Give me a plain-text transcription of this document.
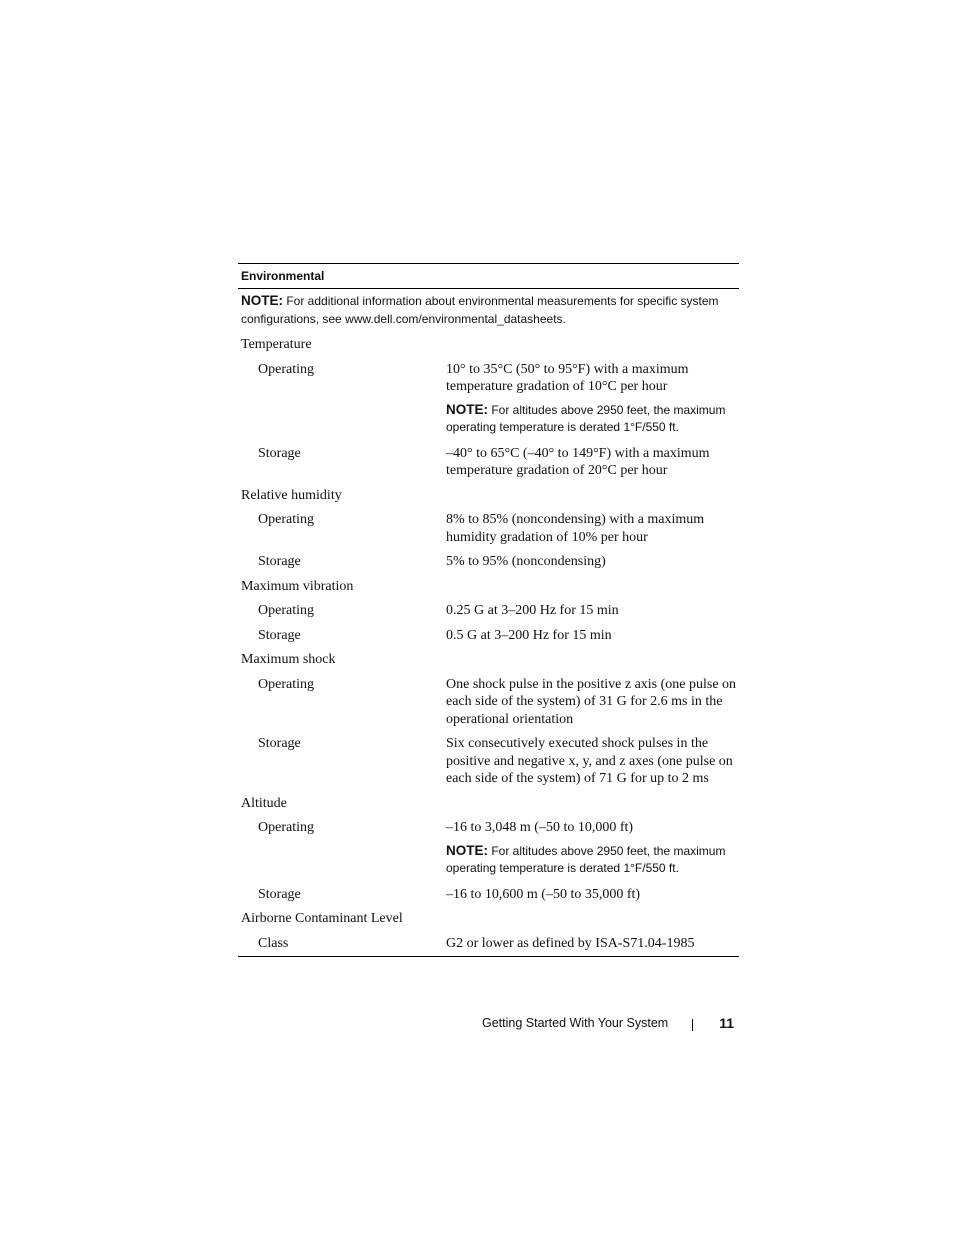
Environmental
NOTE: For additional information about environmental measurements for specific system configurations, see www.dell.com/environmental_datasheets.
Temperature
Operating	10° to 35°C (50° to 95°F) with a maximum temperature gradation of 10°C per hour
NOTE: For altitudes above 2950 feet, the maximum operating temperature is derated 1°F/550 ft.
Storage	–40° to 65°C (–40° to 149°F) with a maximum temperature gradation of 20°C per hour
Relative humidity
Operating	8% to 85% (noncondensing) with a maximum humidity gradation of 10% per hour
Storage	5% to 95% (noncondensing)
Maximum vibration
Operating	0.25 G at 3–200 Hz for 15 min
Storage	0.5 G at 3–200 Hz for 15 min
Maximum shock
Operating	One shock pulse in the positive z axis (one pulse on each side of the system) of 31 G for 2.6 ms in the operational orientation
Storage	Six consecutively executed shock pulses in the positive and negative x, y, and z axes (one pulse on each side of the system) of 71 G for up to 2 ms
Altitude
Operating	–16 to 3,048 m (–50 to 10,000 ft)
NOTE: For altitudes above 2950 feet, the maximum operating temperature is derated 1°F/550 ft.
Storage	–16 to 10,600 m (–50 to 35,000 ft)
Airborne Contaminant Level
Class	G2 or lower as defined by ISA-S71.04-1985
Getting Started With Your System	11
